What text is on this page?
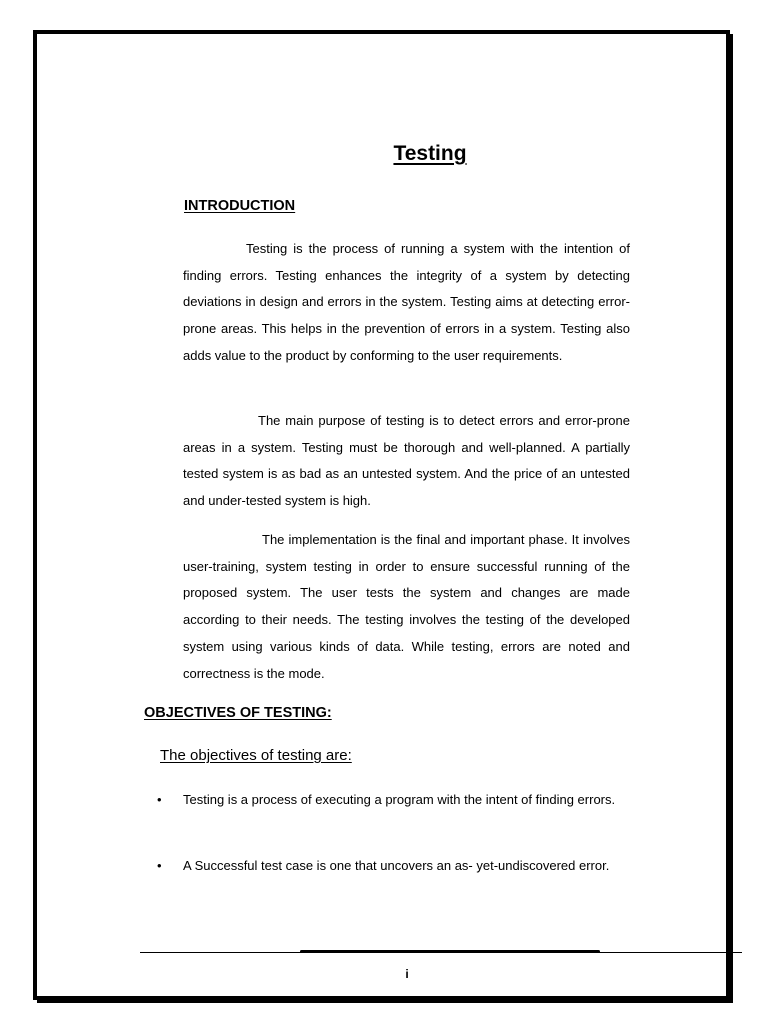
Testing
INTRODUCTION

Testing is the process of running a system with the intention of finding errors. Testing enhances the integrity of a system by detecting deviations in design and errors in the system. Testing aims at detecting error-prone areas. This helps in the prevention of errors in a system. Testing also adds value to the product by conforming to the user requirements.

The main purpose of testing is to detect errors and error-prone areas in a system. Testing must be thorough and well-planned. A partially tested system is as bad as an untested system. And the price of an untested and under-tested system is high.

The implementation is the final and important phase. It involves user-training, system testing in order to ensure successful running of the proposed system. The user tests the system and changes are made according to their needs. The testing involves the testing of the developed system using various kinds of data. While testing, errors are noted and correctness is the mode.

OBJECTIVES OF TESTING:
The objectives of testing are:
• Testing is a process of executing a program with the intent of finding errors.

• A Successful test case is one that uncovers an as- yet-undiscovered error.

i
